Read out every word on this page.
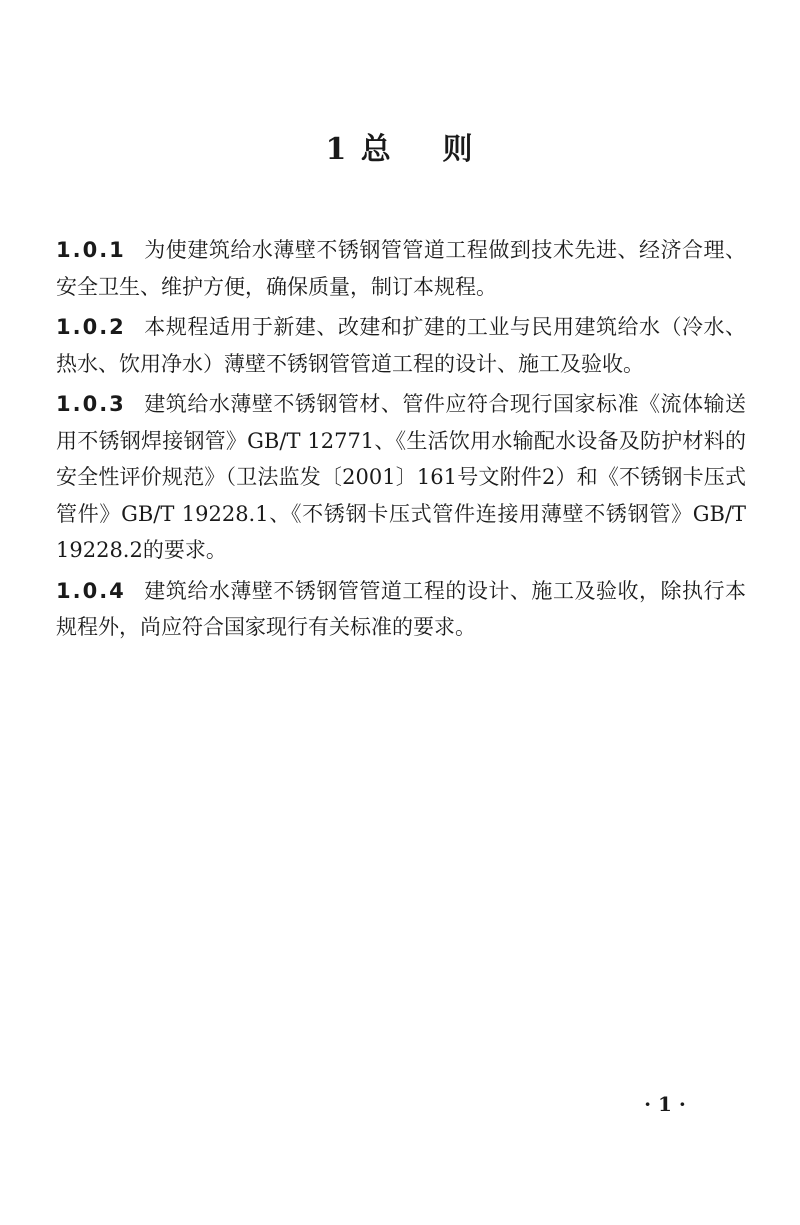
1 总    则

1.0.1 为使建筑给水薄壁不锈钢管管道工程做到技术先进、经济合理、安全卫生、维护方便，确保质量，制订本规程。

1.0.2 本规程适用于新建、改建和扩建的工业与民用建筑给水（冷水、热水、饮用净水）薄壁不锈钢管管道工程的设计、施工及验收。

1.0.3 建筑给水薄壁不锈钢管材、管件应符合现行国家标准《流体输送用不锈钢焊接钢管》GB/T 12771、《生活饮用水输配水设备及防护材料的安全性评价规范》（卫法监发〔2001〕161号文附件2）和《不锈钢卡压式管件》GB/T 19228.1、《不锈钢卡压式管件连接用薄壁不锈钢管》GB/T 19228.2的要求。

1.0.4 建筑给水薄壁不锈钢管管道工程的设计、施工及验收，除执行本规程外，尚应符合国家现行有关标准的要求。

· 1 ·
